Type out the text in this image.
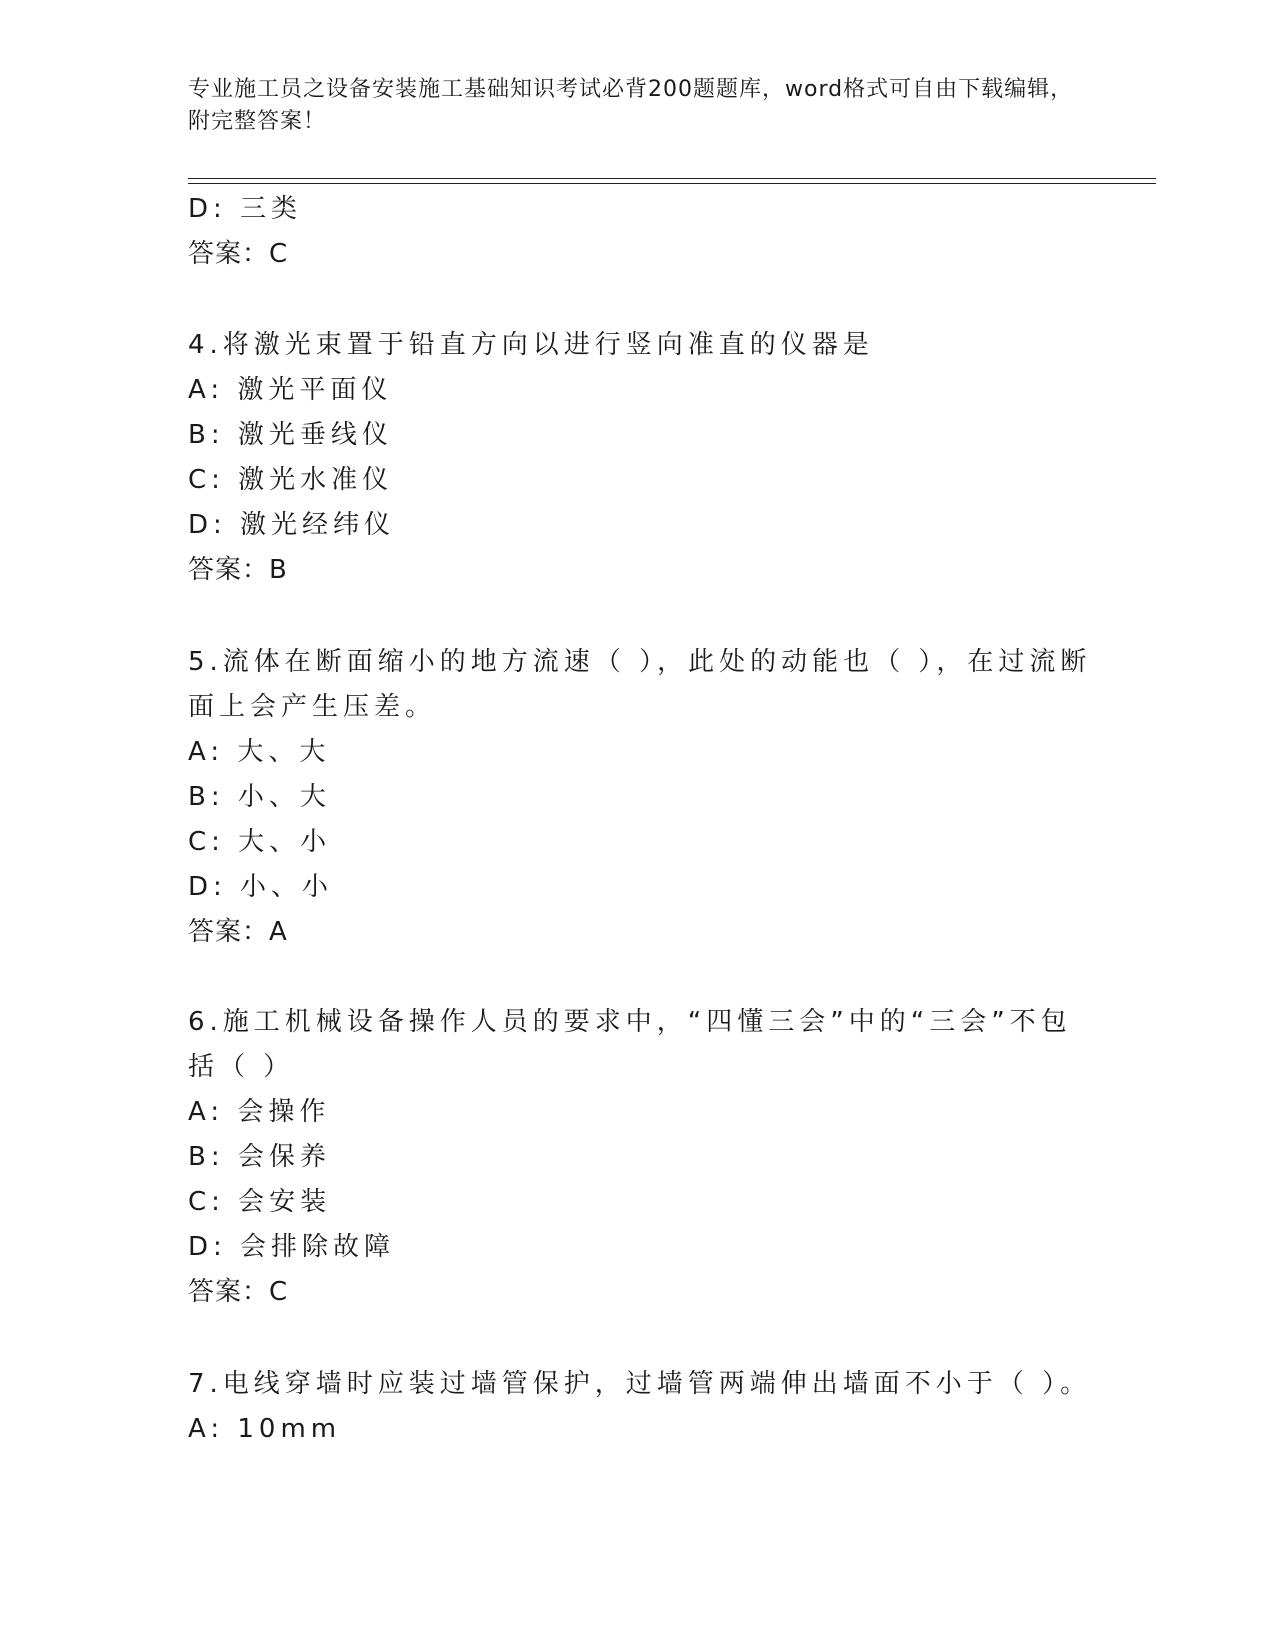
专业施工员之设备安装施工基础知识考试必背200题题库，word格式可自由下载编辑，附完整答案！
D: 三类
答案：C
4.将激光束置于铅直方向以进行竖向准直的仪器是
A: 激光平面仪
B: 激光垂线仪
C: 激光水准仪
D: 激光经纬仪
答案：B
5.流体在断面缩小的地方流速（ ），此处的动能也（ ），在过流断
面上会产生压差。
A: 大、大
B: 小、大
C: 大、小
D: 小、小
答案：A
6.施工机械设备操作人员的要求中，“四懂三会”中的“三会”不包
括（ ）
A: 会操作
B: 会保养
C: 会安装
D: 会排除故障
答案：C
7.电线穿墙时应装过墙管保护，过墙管两端伸出墙面不小于（ ）。
A: 10mm
